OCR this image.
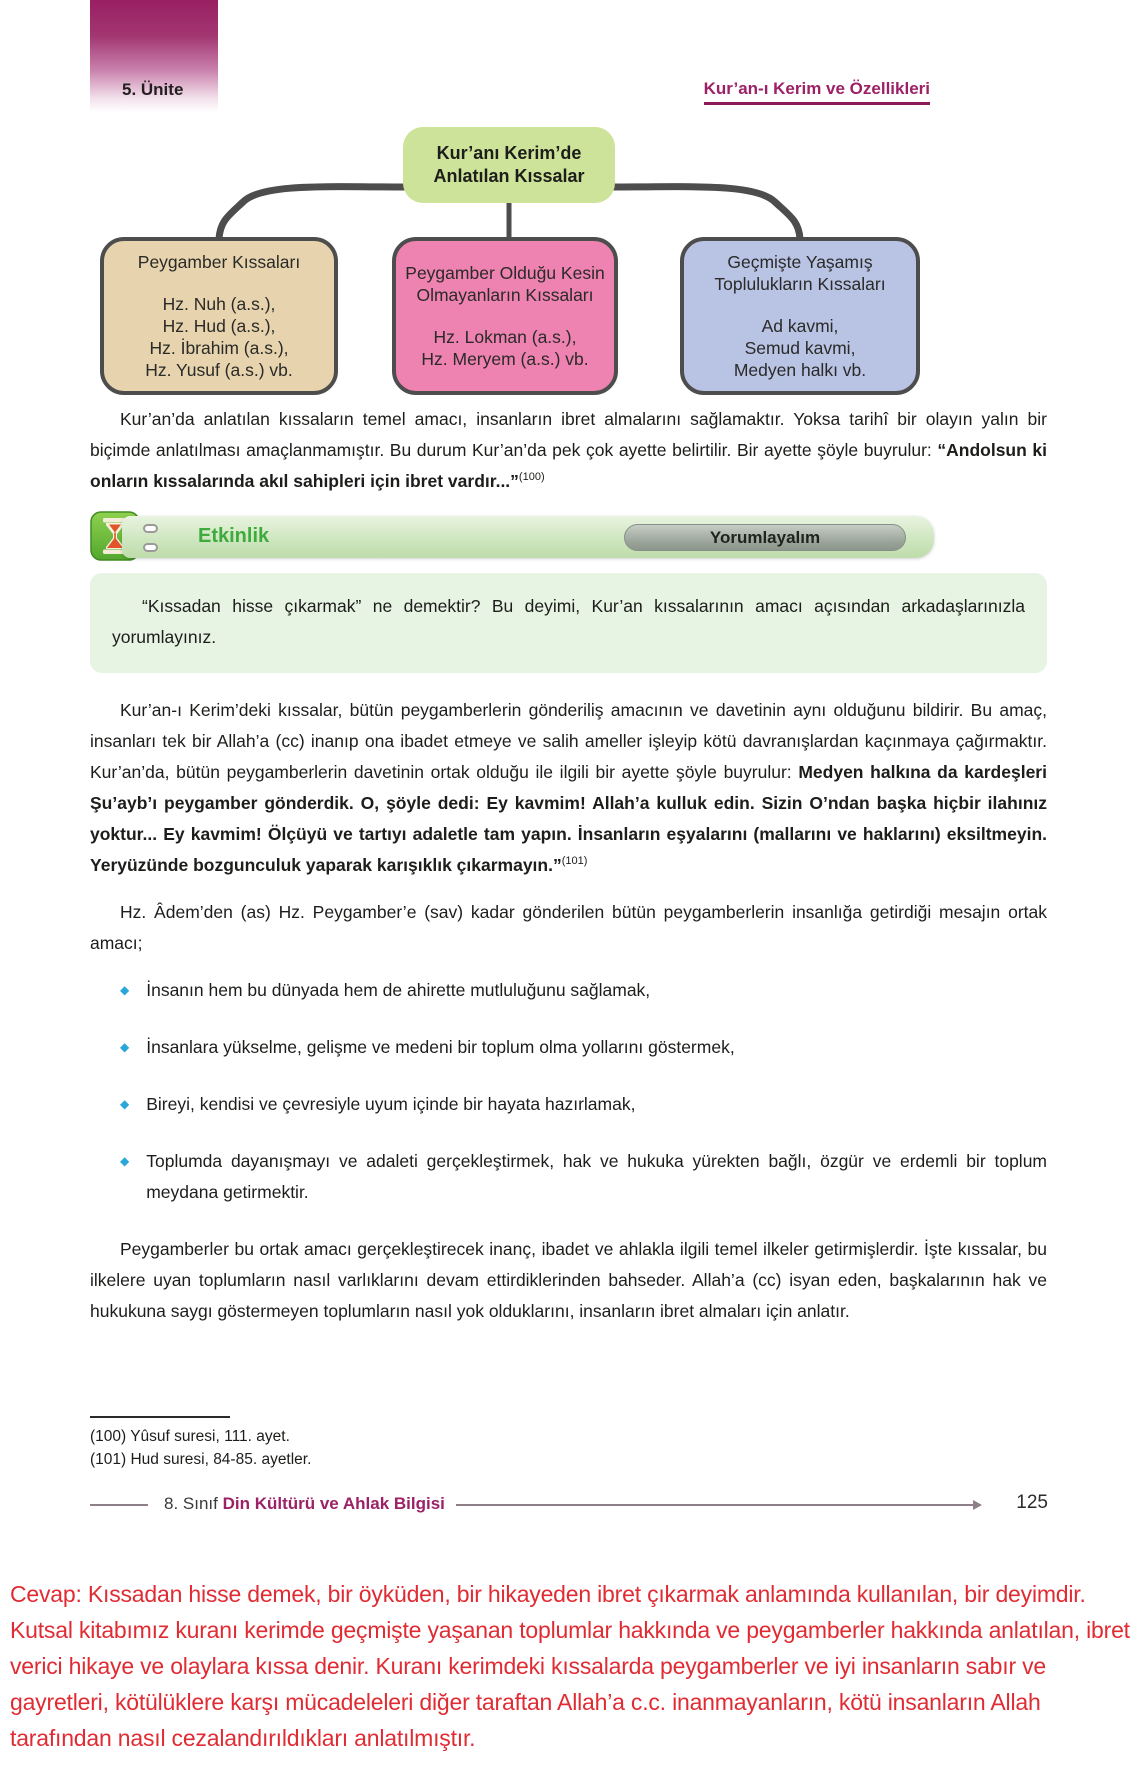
5. Ünite	Kur’an-ı Kerim ve Özellikleri
Kur’anı Kerim’de
Anlatılan Kıssalar
Peygamber Kıssaları
Hz. Nuh (a.s.),
Hz. Hud (a.s.),
Hz. İbrahim (a.s.),
Hz. Yusuf (a.s.) vb.
Peygamber Olduğu Kesin Olmayanların Kıssaları
Hz. Lokman (a.s.),
Hz. Meryem (a.s.) vb.
Geçmişte Yaşamış Toplulukların Kıssaları
Ad kavmi,
Semud kavmi,
Medyen halkı vb.

Kur’an’da anlatılan kıssaların temel amacı, insanların ibret almalarını sağlamaktır. Yoksa tarihî bir olayın yalın bir biçimde anlatılması amaçlanmamıştır. Bu durum Kur’an’da pek çok ayette belirtilir. Bir ayette şöyle buyrulur: “Andolsun ki onların kıssalarında akıl sahipleri için ibret vardır...”$^{(100)}$

Etkinlik	Yorumlayalım

“Kıssadan hisse çıkarmak” ne demektir? Bu deyimi, Kur’an kıssalarının amacı açısından arkadaşlarınızla yorumlayınız.

Kur’an-ı Kerim’deki kıssalar, bütün peygamberlerin gönderiliş amacının ve davetinin aynı olduğunu bildirir. Bu amaç, insanları tek bir Allah’a (cc) inanıp ona ibadet etmeye ve salih ameller işleyip kötü davranışlardan kaçınmaya çağırmaktır. Kur’an’da, bütün peygamberlerin davetinin ortak olduğu ile ilgili bir ayette şöyle buyrulur: Medyen halkına da kardeşleri Şu’ayb’ı peygamber gönderdik. O, şöyle dedi: Ey kavmim! Allah’a kulluk edin. Sizin O’ndan başka hiçbir ilahınız yoktur... Ey kavmim! Ölçüyü ve tartıyı adaletle tam yapın. İnsanların eşyalarını (mallarını ve haklarını) eksiltmeyin. Yeryüzünde bozgunculuk yaparak karışıklık çıkarmayın.”$^{(101)}$

Hz. Âdem’den (as) Hz. Peygamber’e (sav) kadar gönderilen bütün peygamberlerin insanlığa getirdiği mesajın ortak amacı;

◆ İnsanın hem bu dünyada hem de ahirette mutluluğunu sağlamak,
◆ İnsanlara yükselme, gelişme ve medeni bir toplum olma yollarını göstermek,
◆ Bireyi, kendisi ve çevresiyle uyum içinde bir hayata hazırlamak,
◆ Toplumda dayanışmayı ve adaleti gerçekleştirmek, hak ve hukuka yürekten bağlı, özgür ve erdemli bir toplum meydana getirmektir.

Peygamberler bu ortak amacı gerçekleştirecek inanç, ibadet ve ahlakla ilgili temel ilkeler getirmişlerdir. İşte kıssalar, bu ilkelere uyan toplumların nasıl varlıklarını devam ettirdiklerinden bahseder. Allah’a (cc) isyan eden, başkalarının hak ve hukukuna saygı göstermeyen toplumların nasıl yok olduklarını, insanların ibret almaları için anlatır.

(100) Yûsuf suresi, 111. ayet.
(101) Hud suresi, 84-85. ayetler.
8. Sınıf Din Kültürü ve Ahlak Bilgisi	125
Cevap: Kıssadan hisse demek, bir öyküden, bir hikayeden ibret çıkarmak anlamında kullanılan, bir deyimdir. Kutsal kitabımız kuranı kerimde geçmişte yaşanan toplumlar hakkında ve peygamberler hakkında anlatılan, ibret verici hikaye ve olaylara kıssa denir. Kuranı kerimdeki kıssalarda peygamberler ve iyi insanların sabır ve gayretleri, kötülüklere karşı mücadeleleri diğer taraftan Allah’a c.c. inanmayanların, kötü insanların Allah tarafından nasıl cezalandırıldıkları anlatılmıştır.
